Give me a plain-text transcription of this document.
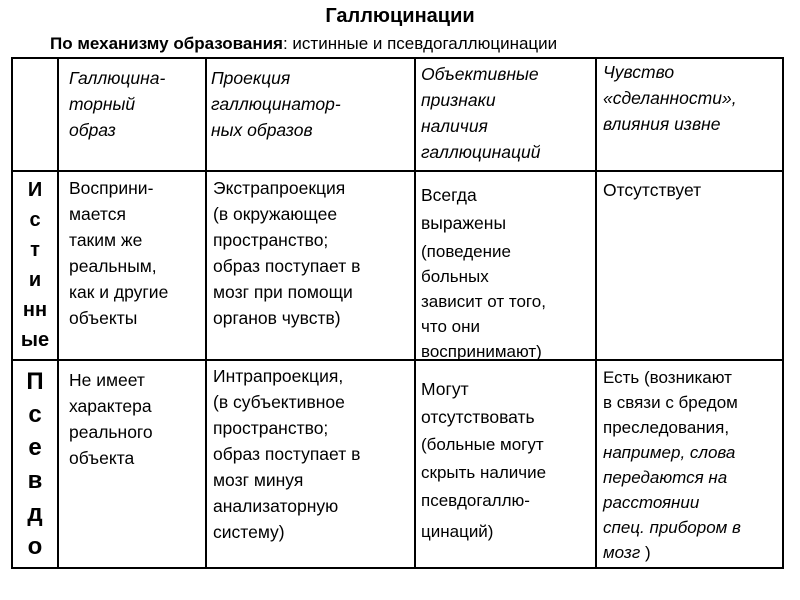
Галлюцинации
По механизму образования: истинные и псевдогаллюцинации
Галлюцина-
торный
образ
Проекция
галлюцинатор-
ных образов
Объективные
признаки
наличия
галлюцинаций
Чувство
«сделанности»,
влияния извне
И
с
т
и
нн
ые
Восприни-
мается
таким же
реальным,
как и другие
объекты
Экстрапроекция
(в окружающее
пространство;
образ поступает в
мозг при помощи
органов чувств)
Всегда
выражены
(поведение
больных
зависит от того,
что они
воспринимают)
Отсутствует
П
с
е
в
д
о
Не имеет
характера
реального
объекта
Интрапроекция,
(в субъективное
пространство;
образ поступает в
мозг минуя
анализаторную
систему)
Могут
отсутствовать
(больные могут
скрыть наличие
псевдогаллю-
цинаций)
Есть (возникают
в связи с бредом
преследования,
например, слова
передаются на
расстоянии
спец. прибором в
мозг )
